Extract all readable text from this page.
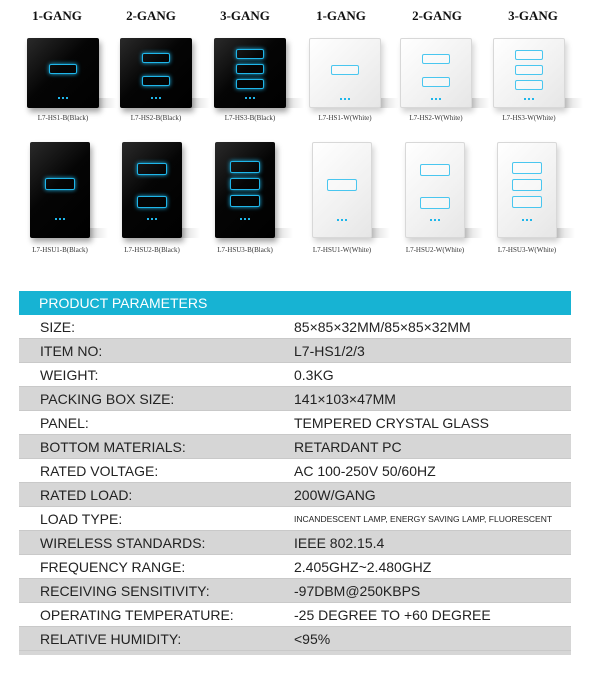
1-GANG	2-GANG	3-GANG	1-GANG	2-GANG	3-GANG
L7-HS1-B(Black)	L7-HS2-B(Black)	L7-HS3-B(Black)	L7-HS1-W(White)	L7-HS2-W(White)	L7-HS3-W(White)
L7-HSU1-B(Black)	L7-HSU2-B(Black)	L7-HSU3-B(Black)	L7-HSU1-W(White)	L7-HSU2-W(White)	L7-HSU3-W(White)
PRODUCT PARAMETERS
SIZE:	85×85×32MM/85×85×32MM
ITEM NO:	L7-HS1/2/3
WEIGHT:	0.3KG
PACKING BOX SIZE:	141×103×47MM
PANEL:	TEMPERED CRYSTAL GLASS
BOTTOM MATERIALS:	RETARDANT PC
RATED VOLTAGE:	AC 100-250V 50/60HZ
RATED LOAD:	200W/GANG
LOAD TYPE:	INCANDESCENT LAMP, ENERGY SAVING LAMP, FLUORESCENT
WIRELESS STANDARDS:	IEEE 802.15.4
FREQUENCY RANGE:	2.405GHZ~2.480GHZ
RECEIVING SENSITIVITY:	-97DBM@250KBPS
OPERATING TEMPERATURE:	-25 DEGREE TO +60 DEGREE
RELATIVE HUMIDITY:	<95%
